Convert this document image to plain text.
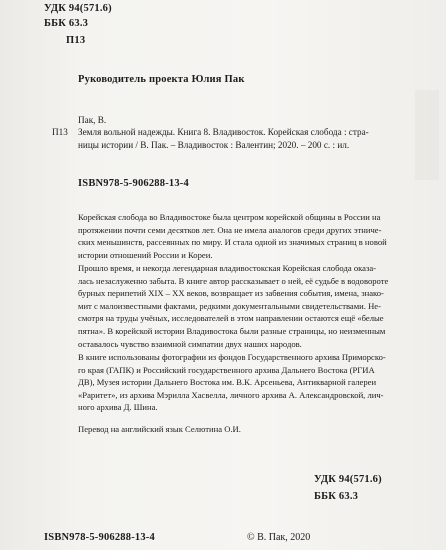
УДК 94(571.6)
ББК 63.3
П13
Руководитель проекта Юлия Пак
Пак, В.
П13 Земля вольной надежды. Книга 8. Владивосток. Корейская слобода : стра-
ницы истории / В. Пак. – Владивосток : Валентин; 2020. – 200 с. : ил.
ISBN978-5-906288-13-4
Корейская слобода во Владивостоке была центром корейской общины в России на
протяжении почти семи десятков лет. Она не имела аналогов среди других этниче-
ских меньшинств, рассеянных по миру. И стала одной из значимых страниц в новой
истории отношений России и Кореи.
Прошло время, и некогда легендарная владивостокская Корейская слобода оказа-
лась незаслуженно забыта. В книге автор рассказывает о ней, её судьбе в водовороте
бурных перипетий XIX – XX веков, возвращает из забвения события, имена, знако-
мит с малоизвестными фактами, редкими документальными свидетельствами. Не-
смотря на труды учёных, исследователей в этом направлении остаются ещё «белые
пятна». В корейской истории Владивостока были разные страницы, но неизменным
оставалось чувство взаимной симпатии двух наших народов.
В книге использованы фотографии из фондов Государственного архива Приморско-
го края (ГАПК) и Российский государственного архива Дальнего Востока (РГИА
ДВ), Музея истории Дальнего Востока им. В.К. Арсеньева, Антикварной галереи
«Раритет», из архива Мэрилла Хасвелла, личного архива А. Александровской, лич-
ного архива Д. Шина.
Перевод на английский язык Селютина О.И.
УДК 94(571.6)
ББК 63.3
ISBN978-5-906288-13-4	© В. Пак, 2020
